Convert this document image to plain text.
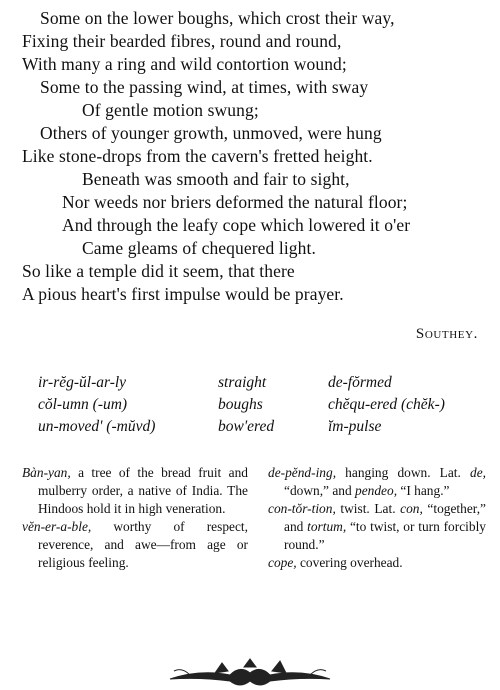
Some on the lower boughs, which crost their way,
Fixing their bearded fibres, round and round,
With many a ring and wild contortion wound;
Some to the passing wind, at times, with sway
Of gentle motion swung;
Others of younger growth, unmoved, were hung
Like stone-drops from the cavern's fretted height.
Beneath was smooth and fair to sight,
Nor weeds nor briers deformed the natural floor;
And through the leafy cope which lowered it o'er
Came gleams of chequered light.
So like a temple did it seem, that there
A pious heart's first impulse would be prayer.
Southey.
ir-rĕg-ŭl-ar-ly
cŏl-umn (-um)
un-moved' (-mŭvd)
straight
boughs
bow'ered
de-fŏrmed
chĕqu-ered (chĕk-)
ĭm-pulse
Bàn-yan, a tree of the bread fruit and mulberry order, a native of India. The Hindoos hold it in high veneration.
vĕn-er-a-ble, worthy of respect, reverence, and awe—from age or religious feeling.
de-pĕnd-ing, hanging down. Lat. de, “down,” and pendeo, “I hang.”
con-tŏr-tion, twist. Lat. con, “together,” and tortum, “to twist, or turn forcibly round.”
cope, covering overhead.
